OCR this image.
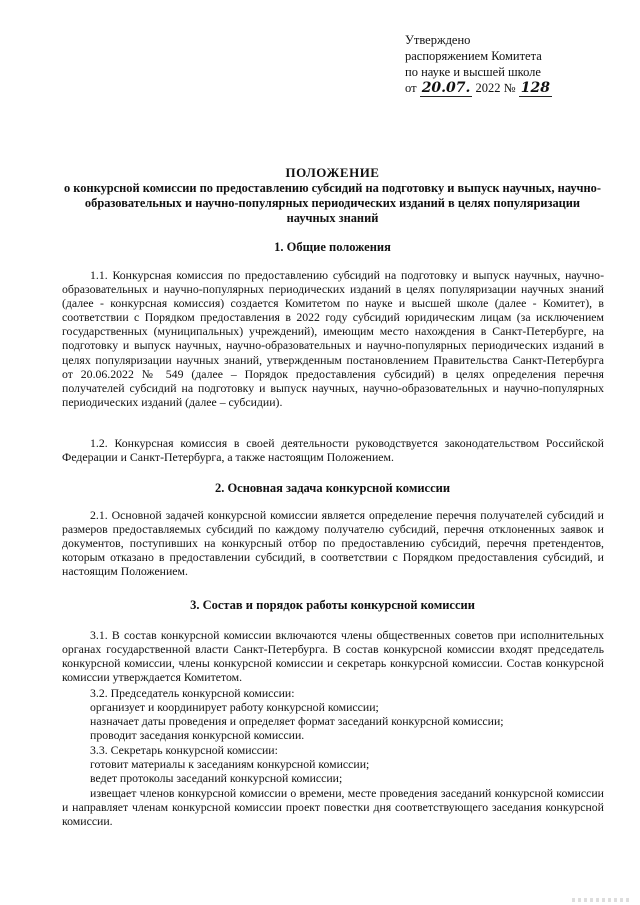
Утверждено
распоряжением Комитета
по науке и высшей школе
от 20.07. 2022 № 128
ПОЛОЖЕНИЕ
о конкурсной комиссии по предоставлению субсидий на подготовку и выпуск научных, научно-образовательных и научно-популярных периодических изданий в целях популяризации научных знаний
1. Общие положения

1.1. Конкурсная комиссия по предоставлению субсидий на подготовку и выпуск научных, научно-образовательных и научно-популярных периодических изданий в целях популяризации научных знаний (далее - конкурсная комиссия) создается Комитетом по науке и высшей школе (далее - Комитет), в соответствии с Порядком предоставления в 2022 году субсидий юридическим лицам (за исключением государственных (муниципальных) учреждений), имеющим место нахождения в Санкт-Петербурге, на подготовку и выпуск научных, научно-образовательных и научно-популярных периодических изданий в целях популяризации научных знаний, утвержденным постановлением Правительства Санкт-Петербурга от 20.06.2022 № 549 (далее – Порядок предоставления субсидий) в целях определения перечня получателей субсидий на подготовку и выпуск научных, научно-образовательных и научно-популярных периодических изданий (далее – субсидии).

1.2. Конкурсная комиссия в своей деятельности руководствуется законодательством Российской Федерации и Санкт-Петербурга, а также настоящим Положением.

2. Основная задача конкурсной комиссии

2.1. Основной задачей конкурсной комиссии является определение перечня получателей субсидий и размеров предоставляемых субсидий по каждому получателю субсидий, перечня отклоненных заявок и документов, поступивших на конкурсный отбор по предоставлению субсидий, перечня претендентов, которым отказано в предоставлении субсидий, в соответствии с Порядком предоставления субсидий, и настоящим Положением.

3. Состав и порядок работы конкурсной комиссии

3.1. В состав конкурсной комиссии включаются члены общественных советов при исполнительных органах государственной власти Санкт-Петербурга. В состав конкурсной комиссии входят председатель конкурсной комиссии, члены конкурсной комиссии и секретарь конкурсной комиссии. Состав конкурсной комиссии утверждается Комитетом.

3.2. Председатель конкурсной комиссии:

организует и координирует работу конкурсной комиссии;

назначает даты проведения и определяет формат заседаний конкурсной комиссии;

проводит заседания конкурсной комиссии.

3.3. Секретарь конкурсной комиссии:

готовит материалы к заседаниям конкурсной комиссии;

ведет протоколы заседаний конкурсной комиссии;

извещает членов конкурсной комиссии о времени, месте проведения заседаний конкурсной комиссии и направляет членам конкурсной комиссии проект повестки дня соответствующего заседания конкурсной комиссии.
